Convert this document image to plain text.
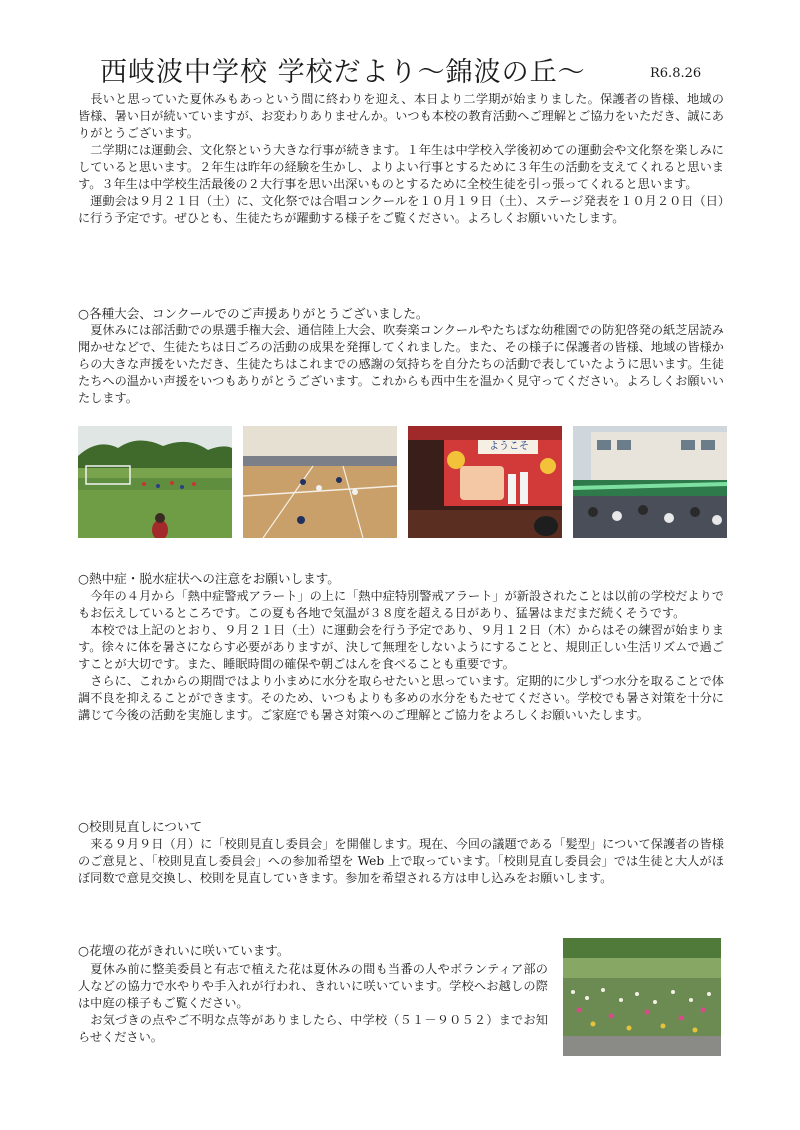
西岐波中学校 学校だより～錦波の丘～	R6.8.26

長いと思っていた夏休みもあっという間に終わりを迎え、本日より二学期が始まりました。保護者の皆様、地域の皆様、暑い日が続いていますが、お変わりありませんか。いつも本校の教育活動へご理解とご協力をいただき、誠にありがとうございます。

二学期には運動会、文化祭という大きな行事が続きます。１年生は中学校入学後初めての運動会や文化祭を楽しみにしていると思います。２年生は昨年の経験を生かし、よりよい行事とするために３年生の活動を支えてくれると思います。３年生は中学校生活最後の２大行事を思い出深いものとするために全校生徒を引っ張ってくれると思います。

運動会は９月２１日（土）に、文化祭では合唱コンクールを１０月１９日（土）、ステージ発表を１０月２０日（日）に行う予定です。ぜひとも、生徒たちが躍動する様子をご覧ください。よろしくお願いいたします。

○各種大会、コンクールでのご声援ありがとうございました。

夏休みには部活動での県選手権大会、通信陸上大会、吹奏楽コンクールやたちばな幼稚園での防犯啓発の紙芝居読み聞かせなどで、生徒たちは日ごろの活動の成果を発揮してくれました。また、その様子に保護者の皆様、地域の皆様からの大きな声援をいただき、生徒たちはこれまでの感謝の気持ちを自分たちの活動で表していたように思います。生徒たちへの温かい声援をいつもありがとうございます。これからも西中生を温かく見守ってください。よろしくお願いいたします。

ようこそ
○熱中症・脱水症状への注意をお願いします。

今年の４月から「熱中症警戒アラート」の上に「熱中症特別警戒アラート」が新設されたことは以前の学校だよりでもお伝えしているところです。この夏も各地で気温が３８度を超える日があり、猛暑はまだまだ続くそうです。

本校では上記のとおり、９月２１日（土）に運動会を行う予定であり、９月１２日（木）からはその練習が始まります。徐々に体を暑さにならす必要がありますが、決して無理をしないようにすることと、規則正しい生活リズムで過ごすことが大切です。また、睡眠時間の確保や朝ごはんを食べることも重要です。

さらに、これからの期間ではより小まめに水分を取らせたいと思っています。定期的に少しずつ水分を取ることで体調不良を抑えることができます。そのため、いつもよりも多めの水分をもたせてください。学校でも暑さ対策を十分に講じて今後の活動を実施します。ご家庭でも暑さ対策へのご理解とご協力をよろしくお願いいたします。

○校則見直しについて

来る９月９日（月）に「校則見直し委員会」を開催します。現在、今回の議題である「髪型」について保護者の皆様のご意見と、「校則見直し委員会」への参加希望を Web 上で取っています。「校則見直し委員会」では生徒と大人がほぼ同数で意見交換し、校則を見直していきます。参加を希望される方は申し込みをお願いします。

○花壇の花がきれいに咲いています。

夏休み前に整美委員と有志で植えた花は夏休みの間も当番の人やボランティア部の人などの協力で水やりや手入れが行われ、きれいに咲いています。学校へお越しの際は中庭の様子もご覧ください。

お気づきの点やご不明な点等がありましたら、中学校（５１－９０５２）までお知らせください。
